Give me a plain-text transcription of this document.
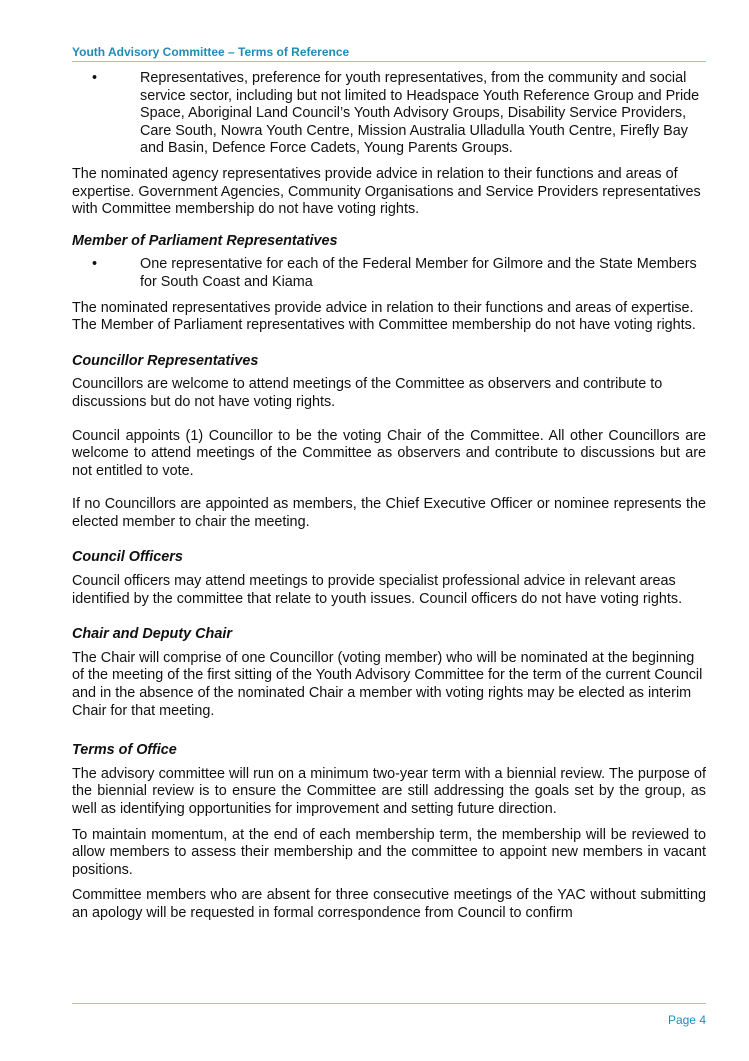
Youth Advisory Committee – Terms of Reference
•	Representatives, preference for youth representatives, from the community and social service sector, including but not limited to Headspace Youth Reference Group and Pride Space, Aboriginal Land Council’s Youth Advisory Groups, Disability Service Providers, Care South, Nowra Youth Centre, Mission Australia Ulladulla Youth Centre, Firefly Bay and Basin, Defence Force Cadets, Young Parents Groups.

The nominated agency representatives provide advice in relation to their functions and areas of expertise. Government Agencies, Community Organisations and Service Providers representatives with Committee membership do not have voting rights.

Member of Parliament Representatives
•	One representative for each of the Federal Member for Gilmore and the State Members for South Coast and Kiama

The nominated representatives provide advice in relation to their functions and areas of expertise. The Member of Parliament representatives with Committee membership do not have voting rights.

Councillor Representatives

Councillors are welcome to attend meetings of the Committee as observers and contribute to discussions but do not have voting rights.

Council appoints (1) Councillor to be the voting Chair of the Committee. All other Councillors are welcome to attend meetings of the Committee as observers and contribute to discussions but are not entitled to vote.

If no Councillors are appointed as members, the Chief Executive Officer or nominee represents the elected member to chair the meeting.

Council Officers

Council officers may attend meetings to provide specialist professional advice in relevant areas identified by the committee that relate to youth issues. Council officers do not have voting rights.

Chair and Deputy Chair

The Chair will comprise of one Councillor (voting member) who will be nominated at the beginning of the meeting of the first sitting of the Youth Advisory Committee for the term of the current Council and in the absence of the nominated Chair a member with voting rights may be elected as interim Chair for that meeting.

Terms of Office

The advisory committee will run on a minimum two-year term with a biennial review. The purpose of the biennial review is to ensure the Committee are still addressing the goals set by the group, as well as identifying opportunities for improvement and setting future direction.

To maintain momentum, at the end of each membership term, the membership will be reviewed to allow members to assess their membership and the committee to appoint new members in vacant positions.

Committee members who are absent for three consecutive meetings of the YAC without submitting an apology will be requested in formal correspondence from Council to confirm

Page 4
